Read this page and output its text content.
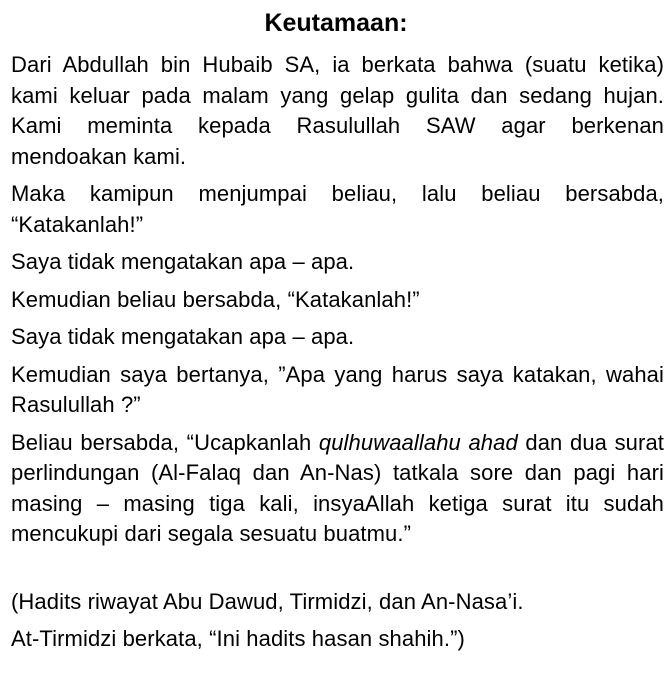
Keutamaan:

Dari Abdullah bin Hubaib SA, ia berkata bahwa (suatu ketika) kami keluar pada malam yang gelap gulita dan sedang hujan. Kami meminta kepada Rasulullah SAW agar berkenan mendoakan kami.

Maka kamipun menjumpai beliau, lalu beliau bersabda, “Katakanlah!”

Saya tidak mengatakan apa – apa.

Kemudian beliau bersabda, “Katakanlah!”

Saya tidak mengatakan apa – apa.

Kemudian saya bertanya, ”Apa yang harus saya katakan, wahai Rasulullah ?”

Beliau bersabda, “Ucapkanlah qulhuwaallahu ahad dan dua surat perlindungan (Al-Falaq dan An-Nas) tatkala sore dan pagi hari masing – masing tiga kali, insyaAllah ketiga surat itu sudah mencukupi dari segala sesuatu buatmu.”

(Hadits riwayat Abu Dawud, Tirmidzi, dan An-Nasa’i.

At-Tirmidzi berkata, “Ini hadits hasan shahih.”)
